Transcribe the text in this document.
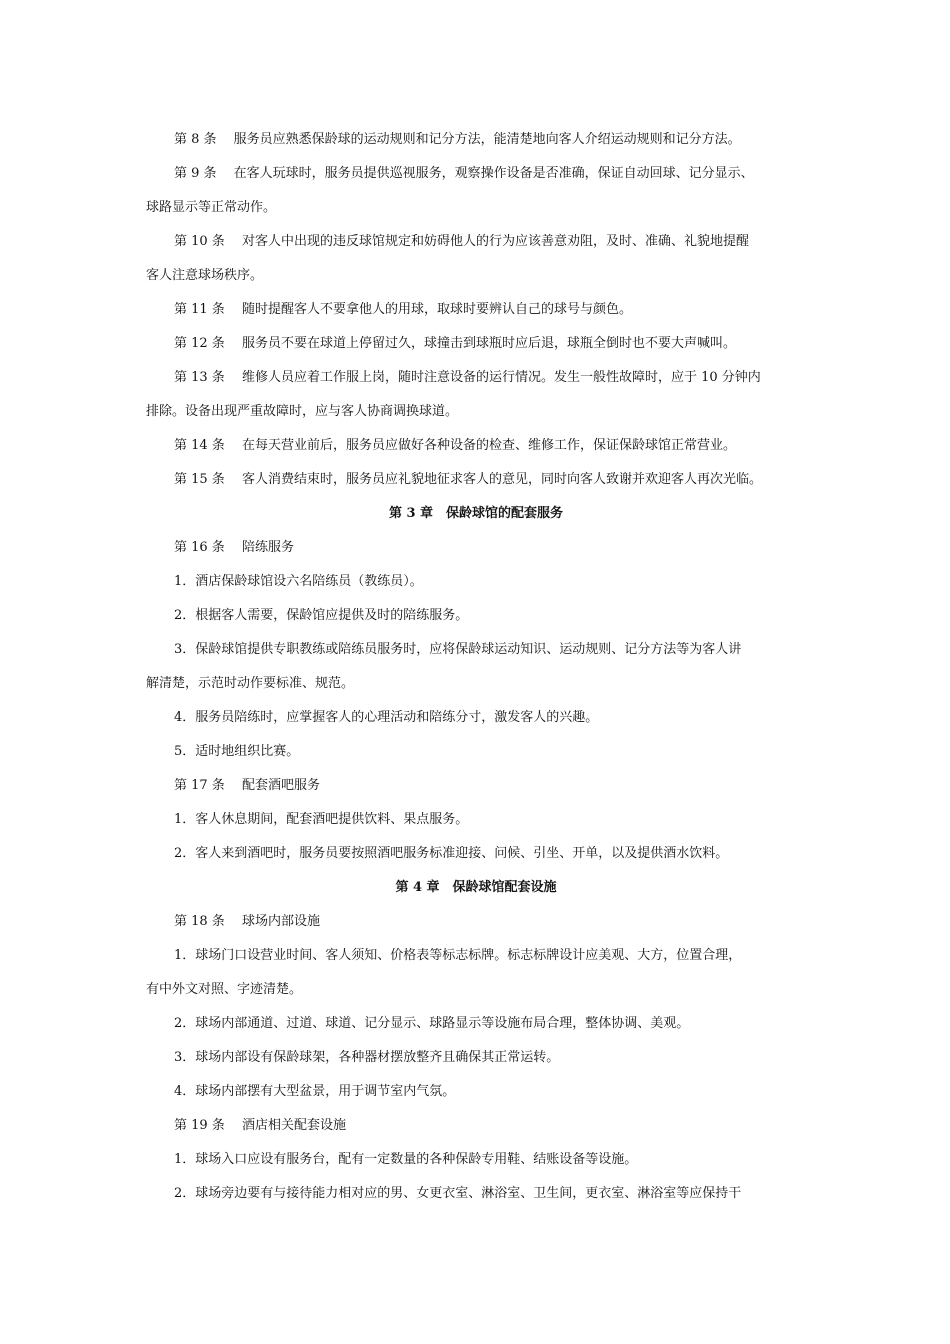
第 8 条　 服务员应熟悉保龄球的运动规则和记分方法，能清楚地向客人介绍运动规则和记分方法。
第 9 条　 在客人玩球时，服务员提供巡视服务，观察操作设备是否准确，保证自动回球、记分显示、
球路显示等正常动作。
第 10 条　 对客人中出现的违反球馆规定和妨碍他人的行为应该善意劝阻，及时、准确、礼貌地提醒
客人注意球场秩序。
第 11 条　 随时提醒客人不要拿他人的用球，取球时要辨认自己的球号与颜色。
第 12 条　 服务员不要在球道上停留过久，球撞击到球瓶时应后退，球瓶全倒时也不要大声喊叫。
第 13 条　 维修人员应着工作服上岗，随时注意设备的运行情况。发生一般性故障时，应于 10 分钟内
排除。设备出现严重故障时，应与客人协商调换球道。
第 14 条　 在每天营业前后，服务员应做好各种设备的检查、维修工作，保证保龄球馆正常营业。
第 15 条　 客人消费结束时，服务员应礼貌地征求客人的意见，同时向客人致谢并欢迎客人再次光临。
第 3 章　保龄球馆的配套服务
第 16 条　 陪练服务
1．酒店保龄球馆设六名陪练员（教练员）。
2．根据客人需要，保龄馆应提供及时的陪练服务。
3．保龄球馆提供专职教练或陪练员服务时，应将保龄球运动知识、运动规则、记分方法等为客人讲
解清楚，示范时动作要标准、规范。
4．服务员陪练时，应掌握客人的心理活动和陪练分寸，激发客人的兴趣。
5．适时地组织比赛。
第 17 条　 配套酒吧服务
1．客人休息期间，配套酒吧提供饮料、果点服务。
2．客人来到酒吧时，服务员要按照酒吧服务标准迎接、问候、引坐、开单，以及提供酒水饮料。
第 4 章　保龄球馆配套设施
第 18 条　 球场内部设施
1．球场门口设营业时间、客人须知、价格表等标志标牌。标志标牌设计应美观、大方，位置合理，
有中外文对照、字迹清楚。
2．球场内部通道、过道、球道、记分显示、球路显示等设施布局合理，整体协调、美观。
3．球场内部设有保龄球架，各种器材摆放整齐且确保其正常运转。
4．球场内部摆有大型盆景，用于调节室内气氛。
第 19 条　 酒店相关配套设施
1．球场入口应设有服务台，配有一定数量的各种保龄专用鞋、结账设备等设施。
2．球场旁边要有与接待能力相对应的男、女更衣室、淋浴室、卫生间，更衣室、淋浴室等应保持干
